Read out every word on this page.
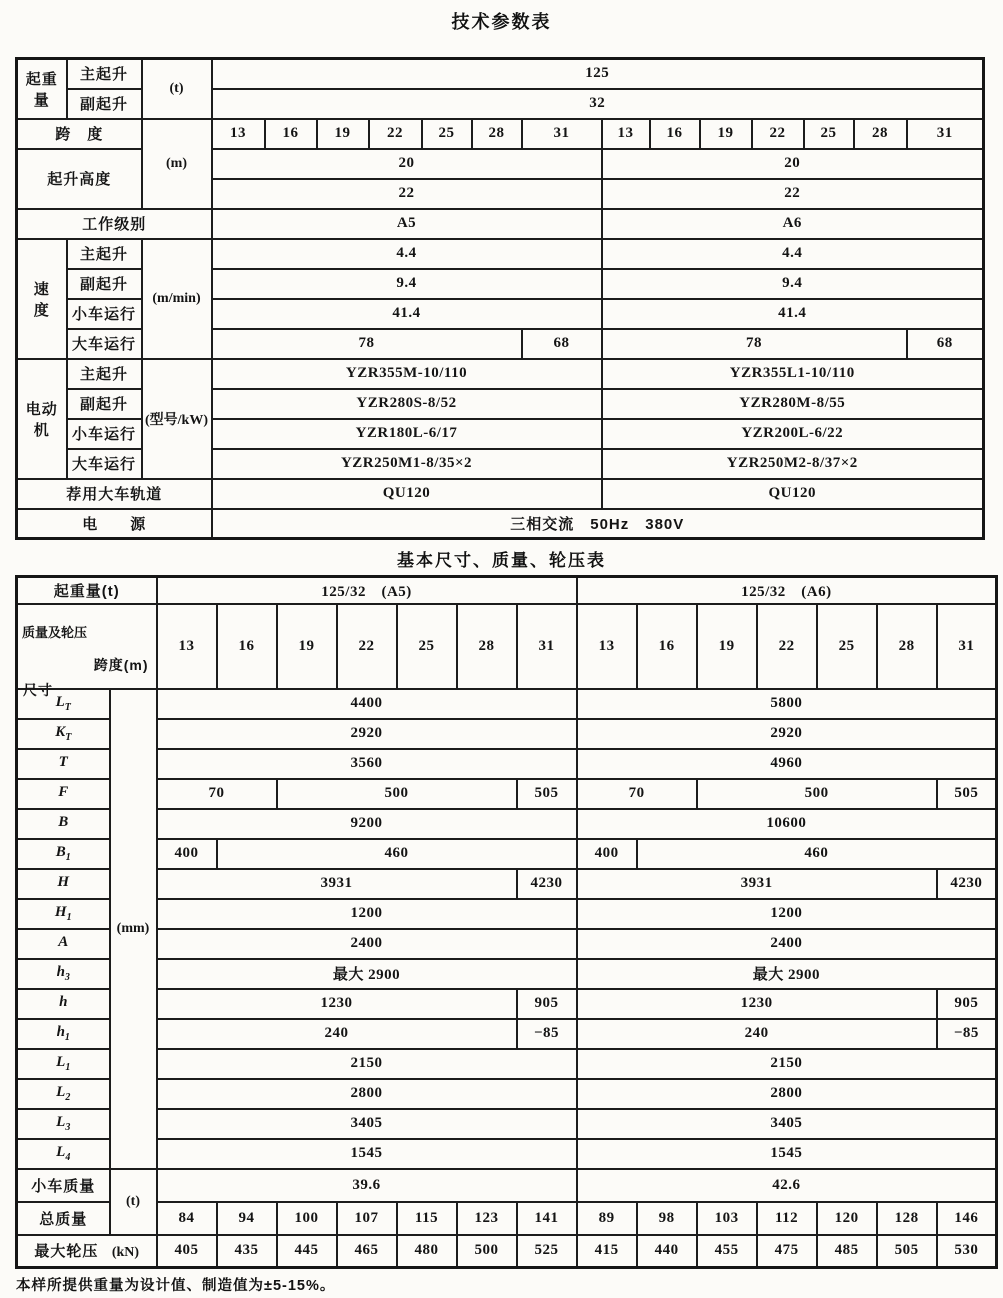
技术参数表
起重量	主起升	(t)	125													
	副起升		32													
跨　度		(m)	13	16	19	22	25	28	31	13	16	19	22	25	28	31
起升高度			20							20						
			22							22						
工作级别			A5							A6						
速　度	主起升	(m/min)	4.4							4.4						
	副起升		9.4							9.4						
	小车运行		41.4							41.4						
	大车运行		78						68	78						68
电动机	主起升	(型号/kW)	YZR355M-10/110							YZR355L1-10/110						
	副起升		YZR280S-8/52							YZR280M-8/55						
	小车运行		YZR180L-6/17							YZR200L-6/22						
	大车运行		YZR250M1-8/35×2							YZR250M2-8/37×2						
荐用大车轨道			QU120							QU120						
电　　源			三相交流　50Hz　380V													
基本尺寸、质量、轮压表
起重量(t)		125/32　(A5)							125/32　(A6)						

跨度(m)
尺寸
质量及轮压		13	16	19	22	25	28	31	13	16	19	22	25	28	31
$L_T$	(mm)	4400							5800						
$K_T$		2920							2920						
T		3560							4960						
F		70		500				505	70		500				505
B		9200							10600						
$B_1$		400	460						400	460					
H		3931						4230	3931						4230
$H_1$		1200							1200						
A		2400							2400						
$h_3$		最大 2900							最大 2900						
h		1230						905	1230						905
$h_1$		240						−85	240						−85
$L_1$		2150							2150						
$L_2$		2800							2800						
$L_3$		3405							3405						
$L_4$		1545							1545						
小车质量	(t)	39.6							42.6						
总质量		84	94	100	107	115	123	141	89	98	103	112	120	128	146
最大轮压 (kN)		405	435	445	465	480	500	525	415	440	455	475	485	505	530
本样所提供重量为设计值、制造值为±5-15%。
